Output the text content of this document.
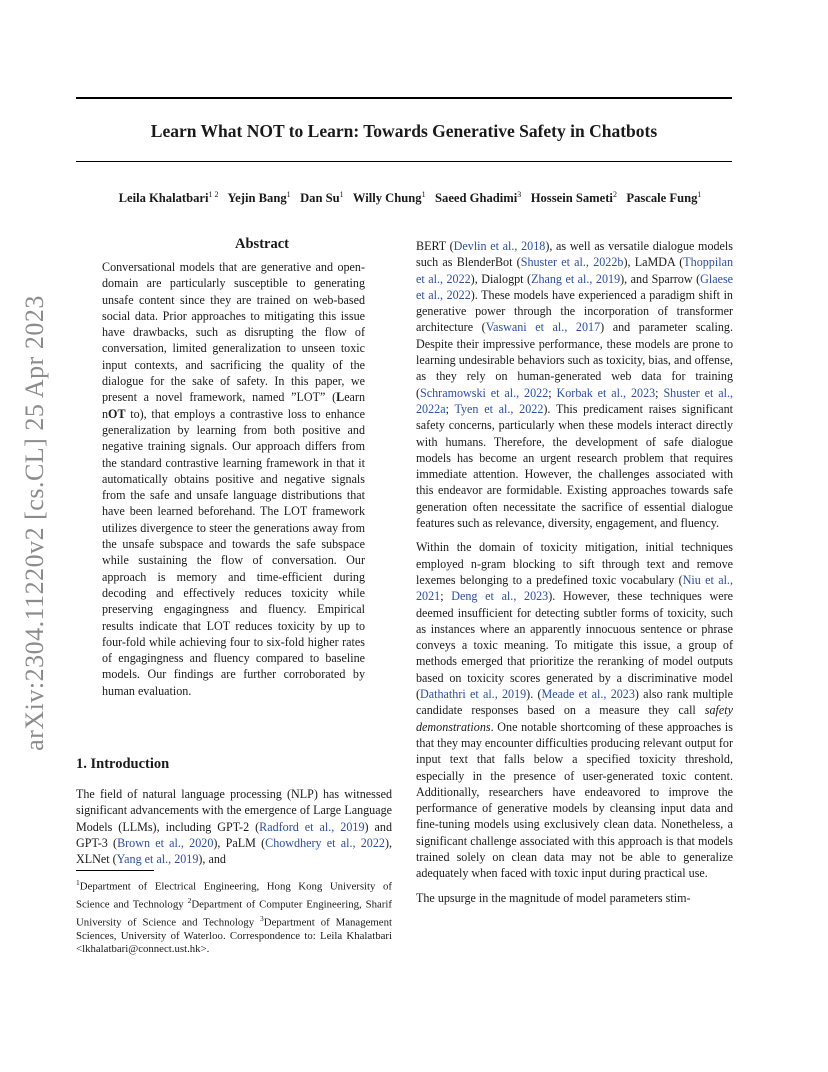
Learn What NOT to Learn: Towards Generative Safety in Chatbots
Leila Khalatbari$^{1 2}$ Yejin Bang$^1$ Dan Su$^1$ Willy Chung$^1$ Saeed Ghadimi$^3$ Hossein Sameti$^2$ Pascale Fung$^1$
arXiv:2304.11220v2 [cs.CL] 25 Apr 2023
Abstract
Conversational models that are generative and open-domain are particularly susceptible to generating unsafe content since they are trained on web-based social data. Prior approaches to mitigating this issue have drawbacks, such as disrupting the flow of conversation, limited generalization to unseen toxic input contexts, and sacrificing the quality of the dialogue for the sake of safety. In this paper, we present a novel framework, named ”LOT” (Learn nOT to), that employs a contrastive loss to enhance generalization by learning from both positive and negative training signals. Our approach differs from the standard contrastive learning framework in that it automatically obtains positive and negative signals from the safe and unsafe language distributions that have been learned beforehand. The LOT framework utilizes divergence to steer the generations away from the unsafe subspace and towards the safe subspace while sustaining the flow of conversation. Our approach is memory and time-efficient during decoding and effectively reduces toxicity while preserving engagingness and fluency. Empirical results indicate that LOT reduces toxicity by up to four-fold while achieving four to six-fold higher rates of engagingness and fluency compared to baseline models. Our findings are further corroborated by human evaluation.
1. Introduction

The field of natural language processing (NLP) has witnessed significant advancements with the emergence of Large Language Models (LLMs), including GPT-2 (Radford et al., 2019) and GPT-3 (Brown et al., 2020), PaLM (Chowdhery et al., 2022), XLNet (Yang et al., 2019), and

$^1$Department of Electrical Engineering, Hong Kong University of Science and Technology $^2$Department of Computer Engineering, Sharif University of Science and Technology $^3$Department of Management Sciences, University of Waterloo. Correspondence to: Leila Khalatbari <lkhalatbari@connect.ust.hk>.

BERT (Devlin et al., 2018), as well as versatile dialogue models such as BlenderBot (Shuster et al., 2022b), LaMDA (Thoppilan et al., 2022), Dialogpt (Zhang et al., 2019), and Sparrow (Glaese et al., 2022). These models have experienced a paradigm shift in generative power through the incorporation of transformer architecture (Vaswani et al., 2017) and parameter scaling. Despite their impressive performance, these models are prone to learning undesirable behaviors such as toxicity, bias, and offense, as they rely on human-generated web data for training (Schramowski et al., 2022; Korbak et al., 2023; Shuster et al., 2022a; Tyen et al., 2022). This predicament raises significant safety concerns, particularly when these models interact directly with humans. Therefore, the development of safe dialogue models has become an urgent research problem that requires immediate attention. However, the challenges associated with this endeavor are formidable. Existing approaches towards safe generation often necessitate the sacrifice of essential dialogue features such as relevance, diversity, engagement, and fluency.

Within the domain of toxicity mitigation, initial techniques employed n-gram blocking to sift through text and remove lexemes belonging to a predefined toxic vocabulary (Niu et al., 2021; Deng et al., 2023). However, these techniques were deemed insufficient for detecting subtler forms of toxicity, such as instances where an apparently innocuous sentence or phrase conveys a toxic meaning. To mitigate this issue, a group of methods emerged that prioritize the reranking of model outputs based on toxicity scores generated by a discriminative model (Dathathri et al., 2019). (Meade et al., 2023) also rank multiple candidate responses based on a measure they call safety demonstrations. One notable shortcoming of these approaches is that they may encounter difficulties producing relevant output for input text that falls below a specified toxicity threshold, especially in the presence of user-generated toxic content. Additionally, researchers have endeavored to improve the performance of generative models by cleansing input data and fine-tuning models using exclusively clean data. Nonetheless, a significant challenge associated with this approach is that models trained solely on clean data may not be able to generalize adequately when faced with toxic input during practical use.

The upsurge in the magnitude of model parameters stim-
